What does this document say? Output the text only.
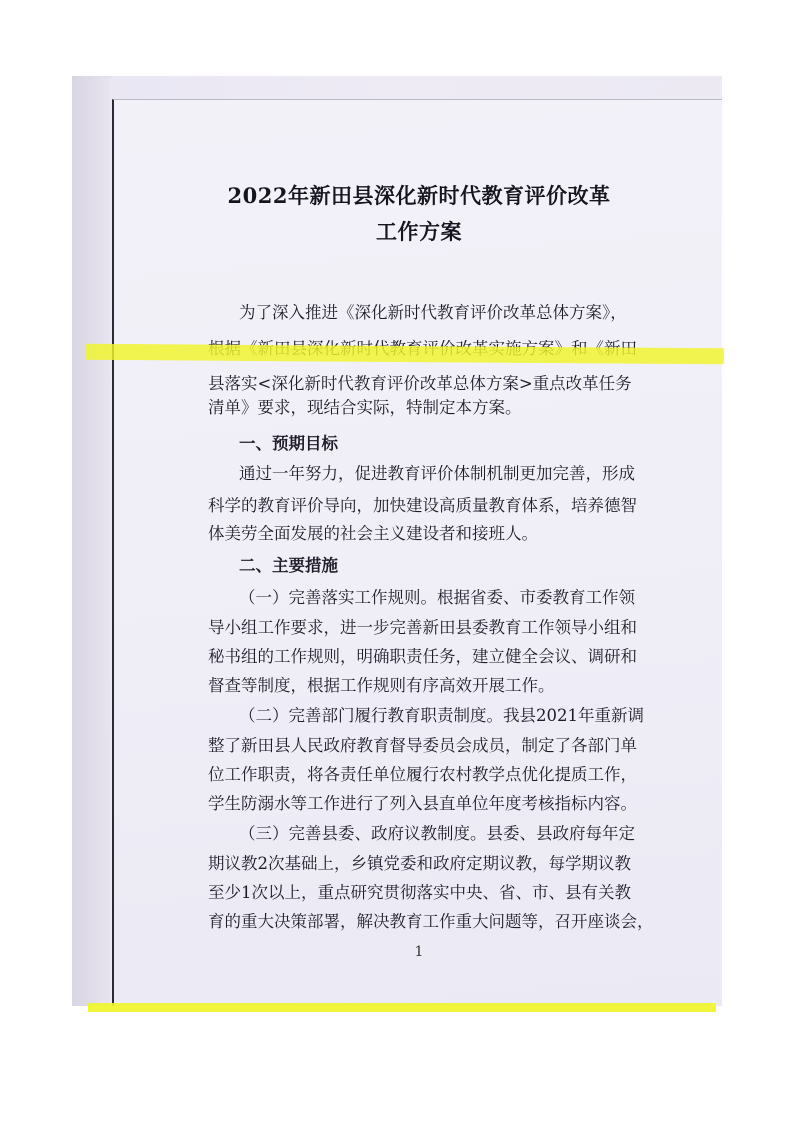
2022年新田县深化新时代教育评价改革
工作方案

为了深入推进《深化新时代教育评价改革总体方案》，

县落实<深化新时代教育评价改革总体方案>重点改革任务

清单》要求，现结合实际，特制定本方案。

一、预期目标

通过一年努力，促进教育评价体制机制更加完善，形成

科学的教育评价导向，加快建设高质量教育体系，培养德智

体美劳全面发展的社会主义建设者和接班人。

二、主要措施

（一）完善落实工作规则。根据省委、市委教育工作领

导小组工作要求，进一步完善新田县委教育工作领导小组和

秘书组的工作规则，明确职责任务，建立健全会议、调研和

督查等制度，根据工作规则有序高效开展工作。

（二）完善部门履行教育职责制度。我县2021年重新调

整了新田县人民政府教育督导委员会成员，制定了各部门单

位工作职责，将各责任单位履行农村教学点优化提质工作，

学生防溺水等工作进行了列入县直单位年度考核指标内容。

（三）完善县委、政府议教制度。县委、县政府每年定

期议教2次基础上，乡镇党委和政府定期议教，每学期议教

至少1次以上，重点研究贯彻落实中央、省、市、县有关教

育的重大决策部署，解决教育工作重大问题等，召开座谈会，

1
